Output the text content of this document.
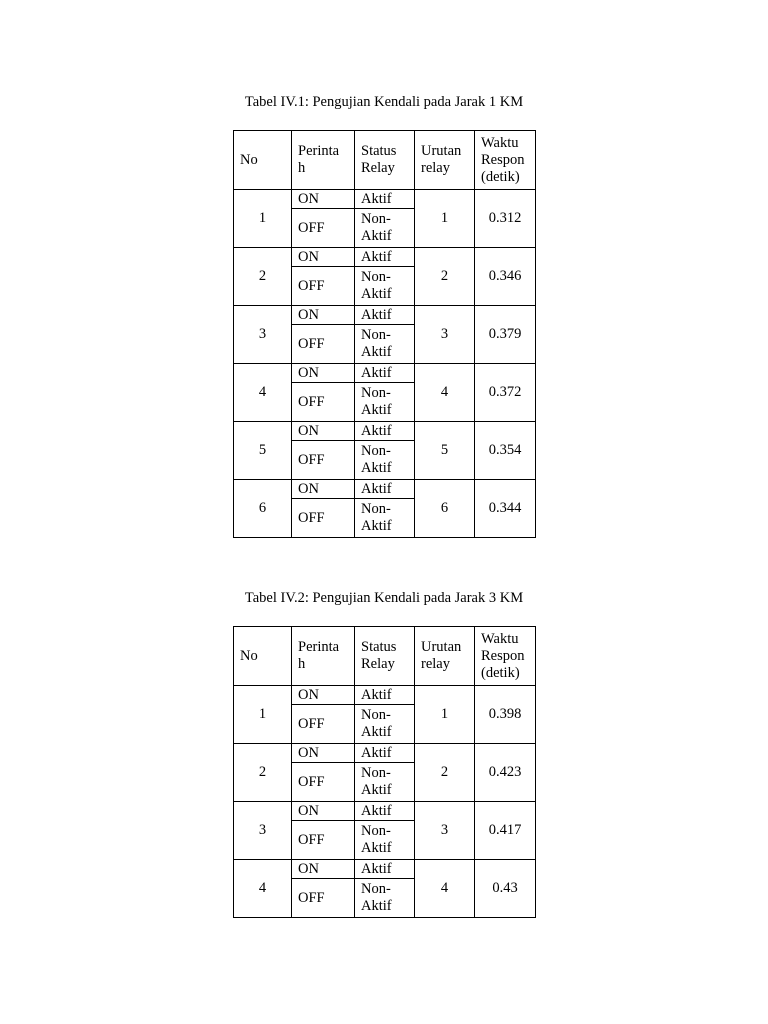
Tabel IV.1: Pengujian Kendali pada Jarak 1 KM
No	Perinta h	Status Relay	Urutan relay	Waktu Respon (detik)
1	ON	Aktif	1	0.312
	OFF	Non- Aktif		
2	ON	Aktif	2	0.346
	OFF	Non- Aktif		
3	ON	Aktif	3	0.379
	OFF	Non- Aktif		
4	ON	Aktif	4	0.372
	OFF	Non- Aktif		
5	ON	Aktif	5	0.354
	OFF	Non- Aktif		
6	ON	Aktif	6	0.344
	OFF	Non- Aktif		
Tabel IV.2: Pengujian Kendali pada Jarak 3 KM
No	Perinta h	Status Relay	Urutan relay	Waktu Respon (detik)
1	ON	Aktif	1	0.398
	OFF	Non- Aktif		
2	ON	Aktif	2	0.423
	OFF	Non- Aktif		
3	ON	Aktif	3	0.417
	OFF	Non- Aktif		
4	ON	Aktif	4	0.43
	OFF	Non- Aktif		
